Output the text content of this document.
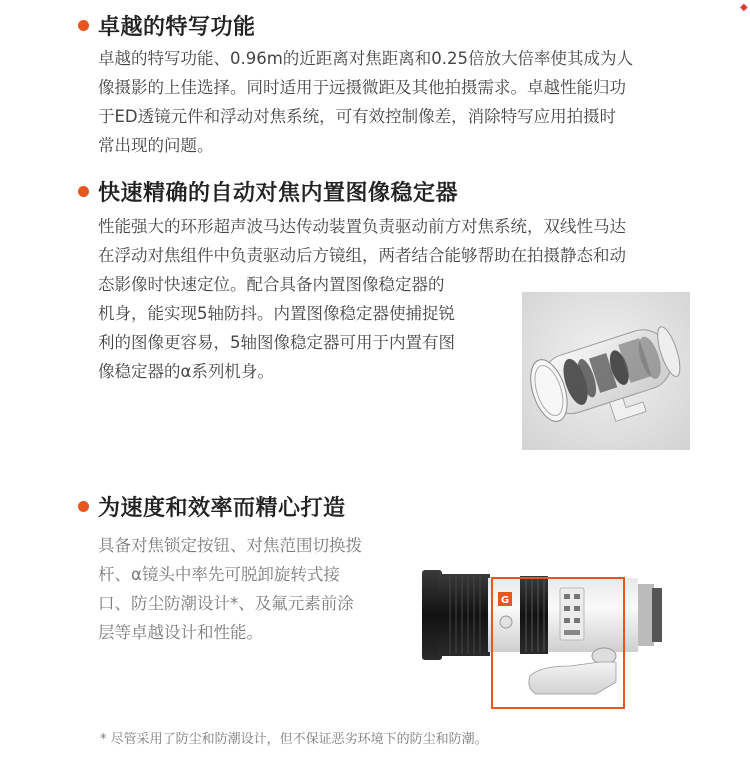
◆
卓越的特写功能
卓越的特写功能、0.96m的近距离对焦距离和0.25倍放大倍率使其成为人
像摄影的上佳选择。同时适用于远摄微距及其他拍摄需求。卓越性能归功
于ED透镜元件和浮动对焦系统，可有效控制像差，消除特写应用拍摄时
常出现的问题。
快速精确的自动对焦内置图像稳定器
性能强大的环形超声波马达传动装置负责驱动前方对焦系统，双线性马达
在浮动对焦组件中负责驱动后方镜组，两者结合能够帮助在拍摄静态和动
态影像时快速定位。配合具备内置图像稳定器的
机身，能实现5轴防抖。内置图像稳定器使捕捉锐
利的图像更容易，5轴图像稳定器可用于内置有图
像稳定器的α系列机身。
为速度和效率而精心打造
具备对焦锁定按钮、对焦范围切换拨
杆、α镜头中率先可脱卸旋转式接
口、防尘防潮设计*、及氟元素前涂
层等卓越设计和性能。
G
* 尽管采用了防尘和防潮设计，但不保证恶劣环境下的防尘和防潮。
